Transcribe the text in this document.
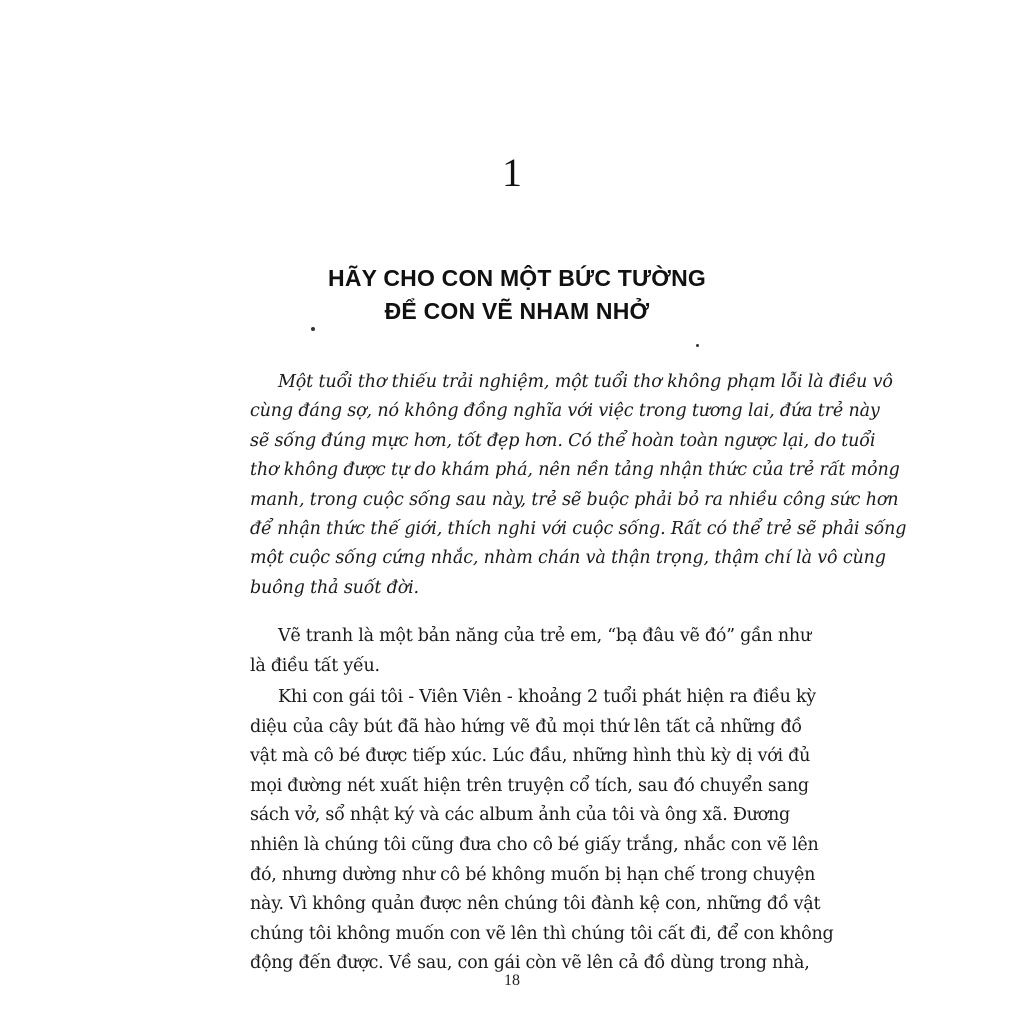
1
HÃY CHO CON MỘT BỨC TƯỜNG
ĐỂ CON VẼ NHAM NHỞ
Một tuổi thơ thiếu trải nghiệm, một tuổi thơ không phạm lỗi là điều vô
cùng đáng sợ, nó không đồng nghĩa với việc trong tương lai, đứa trẻ này
sẽ sống đúng mực hơn, tốt đẹp hơn. Có thể hoàn toàn ngược lại, do tuổi
thơ không được tự do khám phá, nên nền tảng nhận thức của trẻ rất mỏng
manh, trong cuộc sống sau này, trẻ sẽ buộc phải bỏ ra nhiều công sức hơn
để nhận thức thế giới, thích nghi với cuộc sống. Rất có thể trẻ sẽ phải sống
một cuộc sống cứng nhắc, nhàm chán và thận trọng, thậm chí là vô cùng
buông thả suốt đời.
Vẽ tranh là một bản năng của trẻ em, “bạ đâu vẽ đó” gần như
là điều tất yếu.
Khi con gái tôi - Viên Viên - khoảng 2 tuổi phát hiện ra điều kỳ
diệu của cây bút đã hào hứng vẽ đủ mọi thứ lên tất cả những đồ
vật mà cô bé được tiếp xúc. Lúc đầu, những hình thù kỳ dị với đủ
mọi đường nét xuất hiện trên truyện cổ tích, sau đó chuyển sang
sách vở, sổ nhật ký và các album ảnh của tôi và ông xã. Đương
nhiên là chúng tôi cũng đưa cho cô bé giấy trắng, nhắc con vẽ lên
đó, nhưng dường như cô bé không muốn bị hạn chế trong chuyện
này. Vì không quản được nên chúng tôi đành kệ con, những đồ vật
chúng tôi không muốn con vẽ lên thì chúng tôi cất đi, để con không
động đến được. Về sau, con gái còn vẽ lên cả đồ dùng trong nhà,
18
